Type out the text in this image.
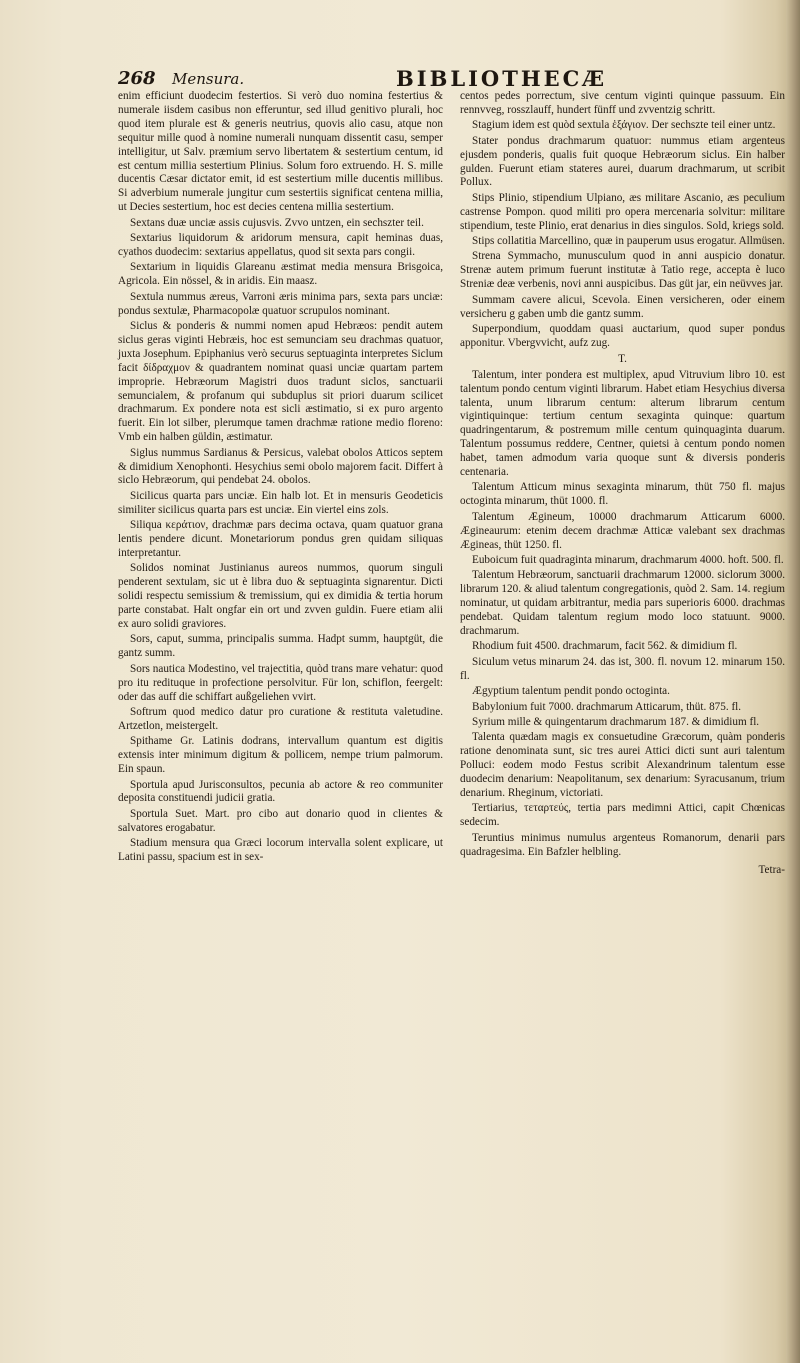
268 Mensura.	BIBLIOTHECÆ

enim efficiunt duodecim festertios. Si verò duo nomina festertius & numerale iisdem casibus non efferuntur, sed illud genitivo plurali, hoc quod item plurale est & generis neutrius, quovis alio casu, atque non sequitur mille quod à nomine numerali nunquam dissentit casu, semper intelligitur, ut Salv. præmium servo libertatem & sestertium centum, id est centum millia sestertium Plinius. Solum foro extruendo. H. S. mille ducentis Cæsar dictator emit, id est sestertium mille ducentis millibus. Si adverbium numerale jungitur cum sestertiis significat centena millia, ut Decies sestertium, hoc est decies centena millia sestertium.

Sextans duæ unciæ assis cujusvis. Zvvo untzen, ein sechszter teil.

Sextarius liquidorum & aridorum mensura, capit heminas duas, cyathos duodecim: sextarius appellatus, quod sit sexta pars congii.

Sextarium in liquidis Glareanu æstimat media mensura Brisgoica, Agricola. Ein nössel, & in aridis. Ein maasz.

Sextula nummus æreus, Varroni æris minima pars, sexta pars unciæ: pondus sextulæ, Pharmacopolæ quatuor scrupulos nominant.

Siclus & ponderis & nummi nomen apud Hebræos: pendit autem siclus geras viginti Hebræis, hoc est semunciam seu drachmas quatuor, juxta Josephum. Epiphanius verò securus septuaginta interpretes Siclum facit δίδραχμον & quadrantem nominat quasi unciæ quartam partem improprie. Hebræorum Magistri duos tradunt siclos, sanctuarii semuncialem, & profanum qui subduplus sit priori duarum scilicet drachmarum. Ex pondere nota est sicli æstimatio, si ex puro argento fuerit. Ein lot silber, plerumque tamen drachmæ ratione medio floreno: Vmb ein halben güldin, æstimatur.

Siglus nummus Sardianus & Persicus, valebat obolos Atticos septem & dimidium Xenophonti. Hesychius semi obolo majorem facit. Differt à siclo Hebræorum, qui pendebat 24. obolos.

Sicilicus quarta pars unciæ. Ein halb lot. Et in mensuris Geodeticis similiter sicilicus quarta pars est unciæ. Ein viertel eins zols.

Siliqua κεράτιον, drachmæ pars decima octava, quam quatuor grana lentis pendere dicunt. Monetariorum pondus gren quidam siliquas interpretantur.

Solidos nominat Justinianus aureos nummos, quorum singuli penderent sextulam, sic ut è libra duo & septuaginta signarentur. Dicti solidi respectu semissium & tremissium, qui ex dimidia & tertia horum parte constabat. Halt ongfar ein ort und zvven guldin. Fuere etiam alii ex auro solidi graviores.

Sors, caput, summa, principalis summa. Hadpt summ, hauptgüt, die gantz summ.

Sors nautica Modestino, vel trajectitia, quòd trans mare vehatur: quod pro itu redituque in profectione persolvitur. Für lon, schiflon, feergelt: oder das auff die schiffart außgeliehen vvirt.

Softrum quod medico datur pro curatione & restituta valetudine. Artzetlon, meistergelt.

Spithame Gr. Latinis dodrans, intervallum quantum est digitis extensis inter minimum digitum & pollicem, nempe trium palmorum. Ein spaun.

Sportula apud Jurisconsultos, pecunia ab actore & reo communiter deposita constituendi judicii gratia.

Sportula Suet. Mart. pro cibo aut donario quod in clientes & salvatores erogabatur.

Stadium mensura qua Græci locorum intervalla solent explicare, ut Latini passu, spacium est in sex-

centos pedes porrectum, sive centum viginti quinque passuum. Ein rennvveg, rosszlauff, hundert fünff und zvventzig schritt.

Stagium idem est quòd sextula ἑξάγιον. Der sechszte teil einer untz.

Stater pondus drachmarum quatuor: nummus etiam argenteus ejusdem ponderis, qualis fuit quoque Hebræorum siclus. Ein halber gulden. Fuerunt etiam stateres aurei, duarum drachmarum, ut scribit Pollux.

Stips Plinio, stipendium Ulpiano, æs militare Ascanio, æs peculium castrense Pompon. quod militi pro opera mercenaria solvitur: militare stipendium, teste Plinio, erat denarius in dies singulos. Sold, kriegs sold.

Stips collatitia Marcellino, quæ in pauperum usus erogatur. Allmüsen.

Strena Symmacho, munusculum quod in anni auspicio donatur. Strenæ autem primum fuerunt institutæ à Tatio rege, accepta è luco Streniæ deæ verbenis, novi anni auspicibus. Das güt jar, ein neüvves jar.

Summam cavere alicui, Scevola. Einen versicheren, oder einem versicheru g gaben umb die gantz summ.

Superpondium, quoddam quasi auctarium, quod super pondus apponitur. Vbergvvicht, aufz zug.

T.

Talentum, inter pondera est multiplex, apud Vitruvium libro 10. est talentum pondo centum viginti librarum. Habet etiam Hesychius diversa talenta, unum librarum centum: alterum librarum centum vigintiquinque: tertium centum sexaginta quinque: quartum quadringentarum, & postremum mille centum quinquaginta duarum. Talentum possumus reddere, Centner, quietsi à centum pondo nomen habet, tamen admodum varia quoque sunt & diversis ponderis centenaria.

Talentum Atticum minus sexaginta minarum, thüt 750 fl. majus octoginta minarum, thüt 1000. fl.

Talentum Ægineum, 10000 drachmarum Atticarum 6000. Ægineaurum: etenim decem drachmæ Atticæ valebant sex drachmas Ægineas, thüt 1250. fl.

Euboicum fuit quadraginta minarum, drachmarum 4000. hoft. 500. fl.

Talentum Hebræorum, sanctuarii drachmarum 12000. siclorum 3000. librarum 120. & aliud talentum congregationis, quòd 2. Sam. 14. regium nominatur, ut quidam arbitrantur, media pars superioris 6000. drachmas pendebat. Quidam talentum regium modo loco statuunt. 9000. drachmarum.

Rhodium fuit 4500. drachmarum, facit 562. & dimidium fl.

Siculum vetus minarum 24. das ist, 300. fl. novum 12. minarum 150. fl.

Ægyptium talentum pendit pondo octoginta.

Babylonium fuit 7000. drachmarum Atticarum, thüt. 875. fl.

Syrium mille & quingentarum drachmarum 187. & dimidium fl.

Talenta quædam magis ex consuetudine Græcorum, quàm ponderis ratione denominata sunt, sic tres aurei Attici dicti sunt auri talentum Polluci: eodem modo Festus scribit Alexandrinum talentum esse duodecim denarium: Neapolitanum, sex denarium: Syracusanum, trium denarium. Rheginum, victoriati.

Tertiarius, τεταρτεύς, tertia pars medimni Attici, capit Chœnicas sedecim.

Teruntius minimus numulus argenteus Romanorum, denarii pars quadragesima. Ein Bafzler helbling.

Tetra-
